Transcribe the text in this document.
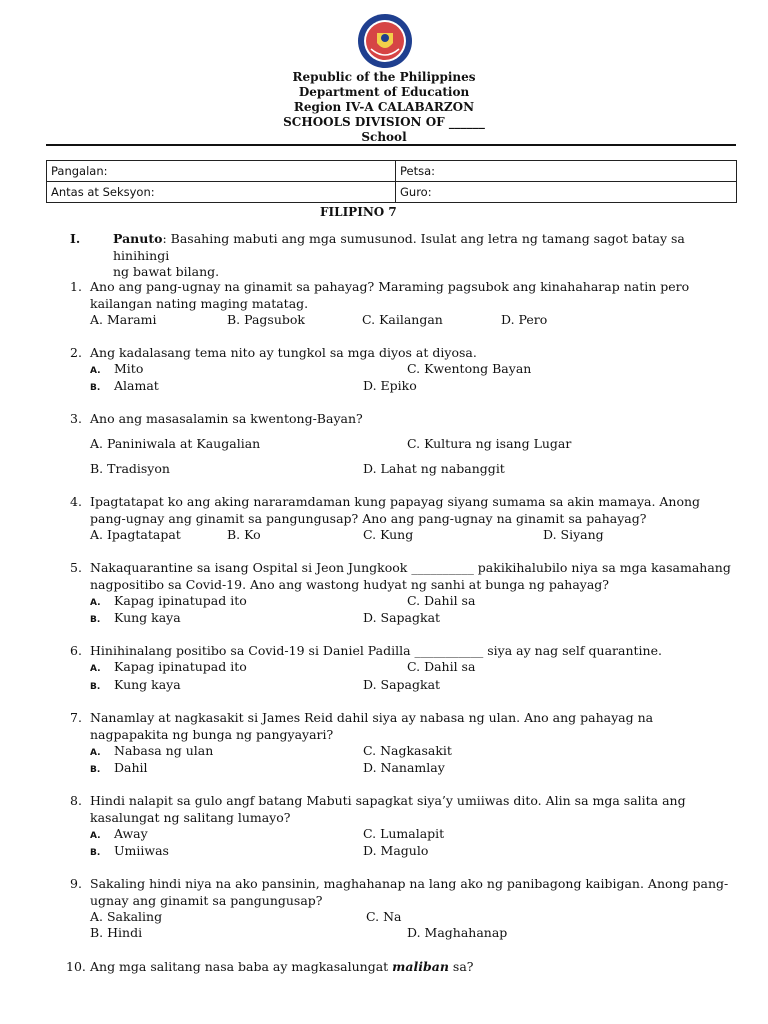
Republic of the Philippines
Department of Education
Region IV-A CALABARZON
SCHOOLS DIVISION OF ______
School
Pangalan:	Petsa:
Antas at Seksyon:	Guro:
FILIPINO 7
I.	Panuto: Basahing mabuti ang mga sumusunod. Isulat ang letra ng tamang sagot batay sa hinihingi
ng bawat bilang.
1. Ano ang pang-ugnay na ginamit sa pahayag? Maraming pagsubok ang kinahaharap natin pero kailangan nating maging matatag.
A. Marami	B. Pagsubok	C. Kailangan	D. Pero
2. Ang kadalasang tema nito ay tungkol sa mga diyos at diyosa.
A. Mito	C. Kwentong Bayan
B. Alamat	D. Epiko
3. Ano ang masasalamin sa kwentong-Bayan?
A. Paniniwala at Kaugalian	C. Kultura ng isang Lugar
B. Tradisyon	D. Lahat ng nabanggit
4. Ipagtatapat ko ang aking nararamdaman kung papayag siyang sumama sa akin mamaya. Anong pang-ugnay ang ginamit sa pangungusap? Ano ang pang-ugnay na ginamit sa pahayag?
A. Ipagtatapat	B. Ko	C. Kung	D. Siyang
5. Nakaquarantine sa isang Ospital si Jeon Jungkook __________ pakikihalubilo niya sa mga kasamahang nagpositibo sa Covid-19. Ano ang wastong hudyat ng sanhi at bunga ng pahayag?
A. Kapag ipinatupad ito	C. Dahil sa
B. Kung kaya	D. Sapagkat
6. Hinihinalang positibo sa Covid-19 si Daniel Padilla ___________ siya ay nag self quarantine.
A. Kapag ipinatupad ito	C. Dahil sa
B. Kung kaya	D. Sapagkat
7. Nanamlay at nagkasakit si James Reid dahil siya ay nabasa ng ulan. Ano ang pahayag na nagpapakita ng bunga ng pangyayari?
A. Nabasa ng ulan	C. Nagkasakit
B. Dahil	D. Nanamlay
8. Hindi nalapit sa gulo angf batang Mabuti sapagkat siya’y umiiwas dito. Alin sa mga salita ang kasalungat ng salitang lumayo?
A. Away	C. Lumalapit
B. Umiiwas	D. Magulo
9. Sakaling hindi niya na ako pansinin, maghahanap na lang ako ng panibagong kaibigan. Anong pang-ugnay ang ginamit sa pangungusap?
A. Sakaling	C. Na
B. Hindi	D. Maghahanap
10. Ang mga salitang nasa baba ay magkasalungat maliban sa?
